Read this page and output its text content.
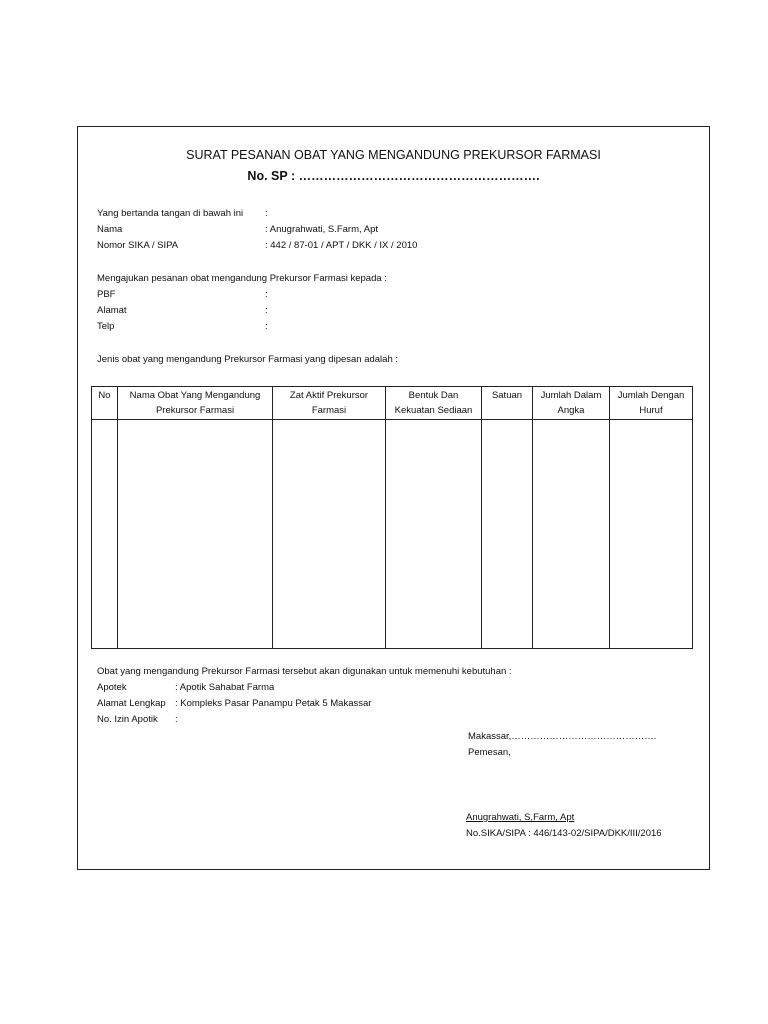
SURAT PESANAN OBAT YANG MENGANDUNG PREKURSOR FARMASI
No. SP : ………………………………………………….
Yang bertanda tangan di bawah ini :
Nama	: Anugrahwati, S.Farm, Apt
Nomor SIKA / SIPA	: 442 / 87-01 / APT / DKK / IX / 2010
Mengajukan pesanan obat mengandung Prekursor Farmasi kepada :
PBF	:
Alamat	:
Telp	:
Jenis obat yang mengandung Prekursor Farmasi yang dipesan adalah :
No	Nama Obat Yang Mengandung Prekursor Farmasi	Zat Aktif Prekursor Farmasi	Bentuk Dan Kekuatan Sediaan	Satuan	Jumlah Dalam Angka	Jumlah Dengan Huruf

Obat yang mengandung Prekursor Farmasi tersebut akan digunakan untuk memenuhi kebutuhan :
Apotek	: Apotik Sahabat Farma
Alamat Lengkap : Kompleks Pasar Panampu Petak 5 Makassar
No. Izin Apotik :
Makassar,……………………………………….
Pemesan,
Anugrahwati, S,Farm, Apt
No.SIKA/SIPA : 446/143-02/SIPA/DKK/III/2016
